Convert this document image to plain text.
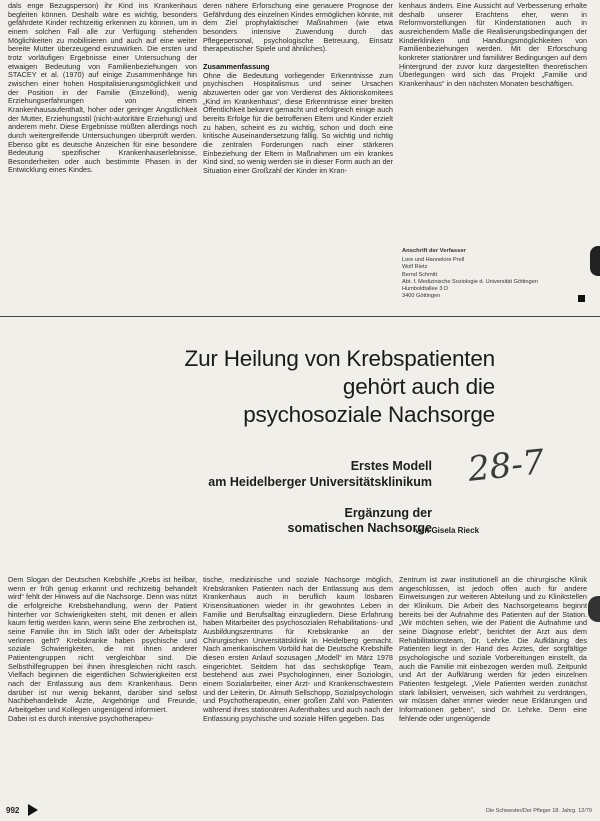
dals enge Bezugsperson) ihr Kind ins Krankenhaus begleiten können. Deshalb wäre es wichtig, besonders gefährdete Kinder rechtzeitig erkennen zu können, um in einem solchen Fall alle zur Verfügung stehenden Möglichkeiten zu mobilisieren und auch auf eine weiter bereite Mutter überzeugend einzuwirken. Die ersten und trotz vorläufigen Ergebnisse einer Untersuchung der etwaigen Bedeutung von Familienbeziehungen von STACEY et al. (1970) auf einige Zusammenhänge hin zwischen einer hohen Hospitalisierungsmöglichkeit und der Position in der Familie (Einzelkind), wenig Erziehungserfahrungen von einem Krankenhausaufenthalt, hoher oder geringer Angstlichkeit der Mutter, Erziehungsstil (nicht-autoritäre Erziehung) und anderem mehr. Diese Ergebnisse müßten allerdings noch durch weitergreifende Untersuchungen überprüft werden. Ebenso gibt es deutsche Anzeichen für eine besondere Bedeutung spezifischer Krankenhauserlebnisse, Besonderheiten oder auch bestimmte Phasen in der Entwicklung eines Kindes.

deren nähere Erforschung eine genauere Prognose der Gefährdung des einzelnen Kindes ermöglichen könnte, mit dem Ziel prophylaktischer Maßnahmen (wie etwa besonders intensive Zuwendung durch das Pflegepersonal, psychologische Betreuung, Einsatz therapeutischer Spiele und ähnliches).

Zusammenfassung

Ohne die Bedeutung vorliegender Erkenntnisse zum psychischen Hospitalismus und seiner Ursachen abzuwerten oder gar von Verdienst des Aktionskomitees „Kind im Krankenhaus“, diese Erkenntnisse einer breiten Öffentlichkeit bekannt gemacht und erfolgreich einige auch bereits Erfolge für die betroffenen Eltern und Kinder erzielt zu haben, scheint es zu wichtig, schon und doch eine kritische Auseinandersetzung fällig. So wichtig und richtig die zentralen Forderungen nach einer stärkeren Einbeziehung der Eltern in Maßnahmen um ein krankes Kind sind, so wenig werden sie in dieser Form auch an der Situation einer Großzahl der Kinder im Kran-

kenhaus ändern. Eine Aussicht auf Verbesserung erhalte deshalb unserer Erachtens eher, wenn in Reformvorstellungen für Kinderstationen auch in ausreichendem Maße die Realisierungsbedingungen der Kinderkliniken und Handlungsmöglichkeiten von Familienbeziehungen werden. Mit der Erforschung konkreter stationärer und familiärer Bedingungen auf dem Hintergrund der zuvor kurz dargestellten theoretischen Überlegungen wird sich das Projekt „Familie und Krankenhaus“ in den nächsten Monaten beschäftigen.

Anschrift der Verfasser
Lore und Hannelore Prell
Wolf Rietz
Bernd Schmitt
Abt. f. Medizinische Soziologie d. Universität Göttingen
Humboldtallee 3 D
3400 Göttingen
Zur Heilung von Krebspatienten
gehört auch die
psychosoziale Nachsorge
Erstes Modell
am Heidelberger Universitätsklinikum 28-7
Ergänzung der
somatischen Nachsorge
von Gisela Rieck

Dem Slogan der Deutschen Krebshilfe „Krebs ist heilbar, wenn er früh genug erkannt und rechtzeitig behandelt wird“ fehlt der Hinweis auf die Nachsorge. Denn was nützt die erfolgreiche Krebsbehandlung, wenn der Patient hinterher vor Schwierigkeiten steht, mit denen er allein kaum fertig werden kann, wenn seine Ehe zerbrochen ist, seine Familie ihn im Stich läßt oder der Arbeitsplatz verloren geht? Krebskranke haben psychische und soziale Schwierigkeiten, die mit ihnen anderer Patientengruppen nicht vergleichbar sind. Die Selbsthilfegruppen bei ihnen ihresgleichen nicht rasch. Vielfach beginnen die eigentlichen Schwierigkeiten erst nach der Entlassung aus dem Krankenhaus. Denn darüber ist nur wenig bekannt, darüber sind selbst Nachbehandelnde Ärzte, Angehörige und Freunde, Arbeitgeber und Kollegen ungenügend informiert.

Dabei ist es durch intensive psychotherapeu-

tische, medizinische und soziale Nachsorge möglich, Krebskranken Patienten nach der Entlassung aus dem Krankenhaus auch in beruflich kaum lösbaren Krisensituationen wieder in ihr gewohntes Leben in Familie und Berufsalltag einzugliedern. Diese Erfahrung haben Mitarbeiter des psychosozialen Rehabilitations- und Ausbildungszentrums für Krebskranke an der Chirurgischen Universitätsklinik in Heidelberg gemacht. Nach amerikanischem Vorbild hat die Deutsche Krebshilfe diesen ersten Anlauf sozusagen „Modell“ im März 1978 eingerichtet. Seitdem hat das sechsköpfige Team, bestehend aus zwei Psychologinnen, einer Soziologin, einem Sozialarbeiter, einer Arzt- und Krankenschwestern und der Leiterin, Dr. Almuth Sellschopp, Sozialpsychologin und Psychotherapeutin, einer großen Zahl von Patienten während ihres stationären Aufenthaltes und auch nach der Entlassung psychische und soziale Hilfen gegeben. Das

Zentrum ist zwar institutionell an die chirurgische Klinik angeschlossen, ist jedoch offen auch für andere Einweisungen zur weiteren Abteilung und zu Klinikstellen der Klinikum. Die Arbeit des Nachsorgeteams beginnt bereits bei der Aufnahme des Patienten auf der Station. „Wir möchten sehen, wie der Patient die Aufnahme und seine Diagnose erlebt“, berichtet der Arzt aus dem Rehabilitationsteam, Dr. Lehrke. Die Aufklärung des Patienten liegt in der Hand des Arztes, der sorgfältige psychologische und soziale Vorbereitungen einstellt, da auch die Familie mit einbezogen werden muß. Zeitpunkt und Art der Aufklärung werden für jeden einzelnen Patienten festgelegt. „Viele Patienten werden zunächst stark labilisiert, verweisen, sich wahrheit zu verdrängen, wir müssen daher immer wieder neue Erklärungen und Informationen geben“, sind Dr. Lehrke. Denn eine fehlende oder ungenügende

992	Die Schwester/Der Pfleger 18. Jahrg. 12/79
